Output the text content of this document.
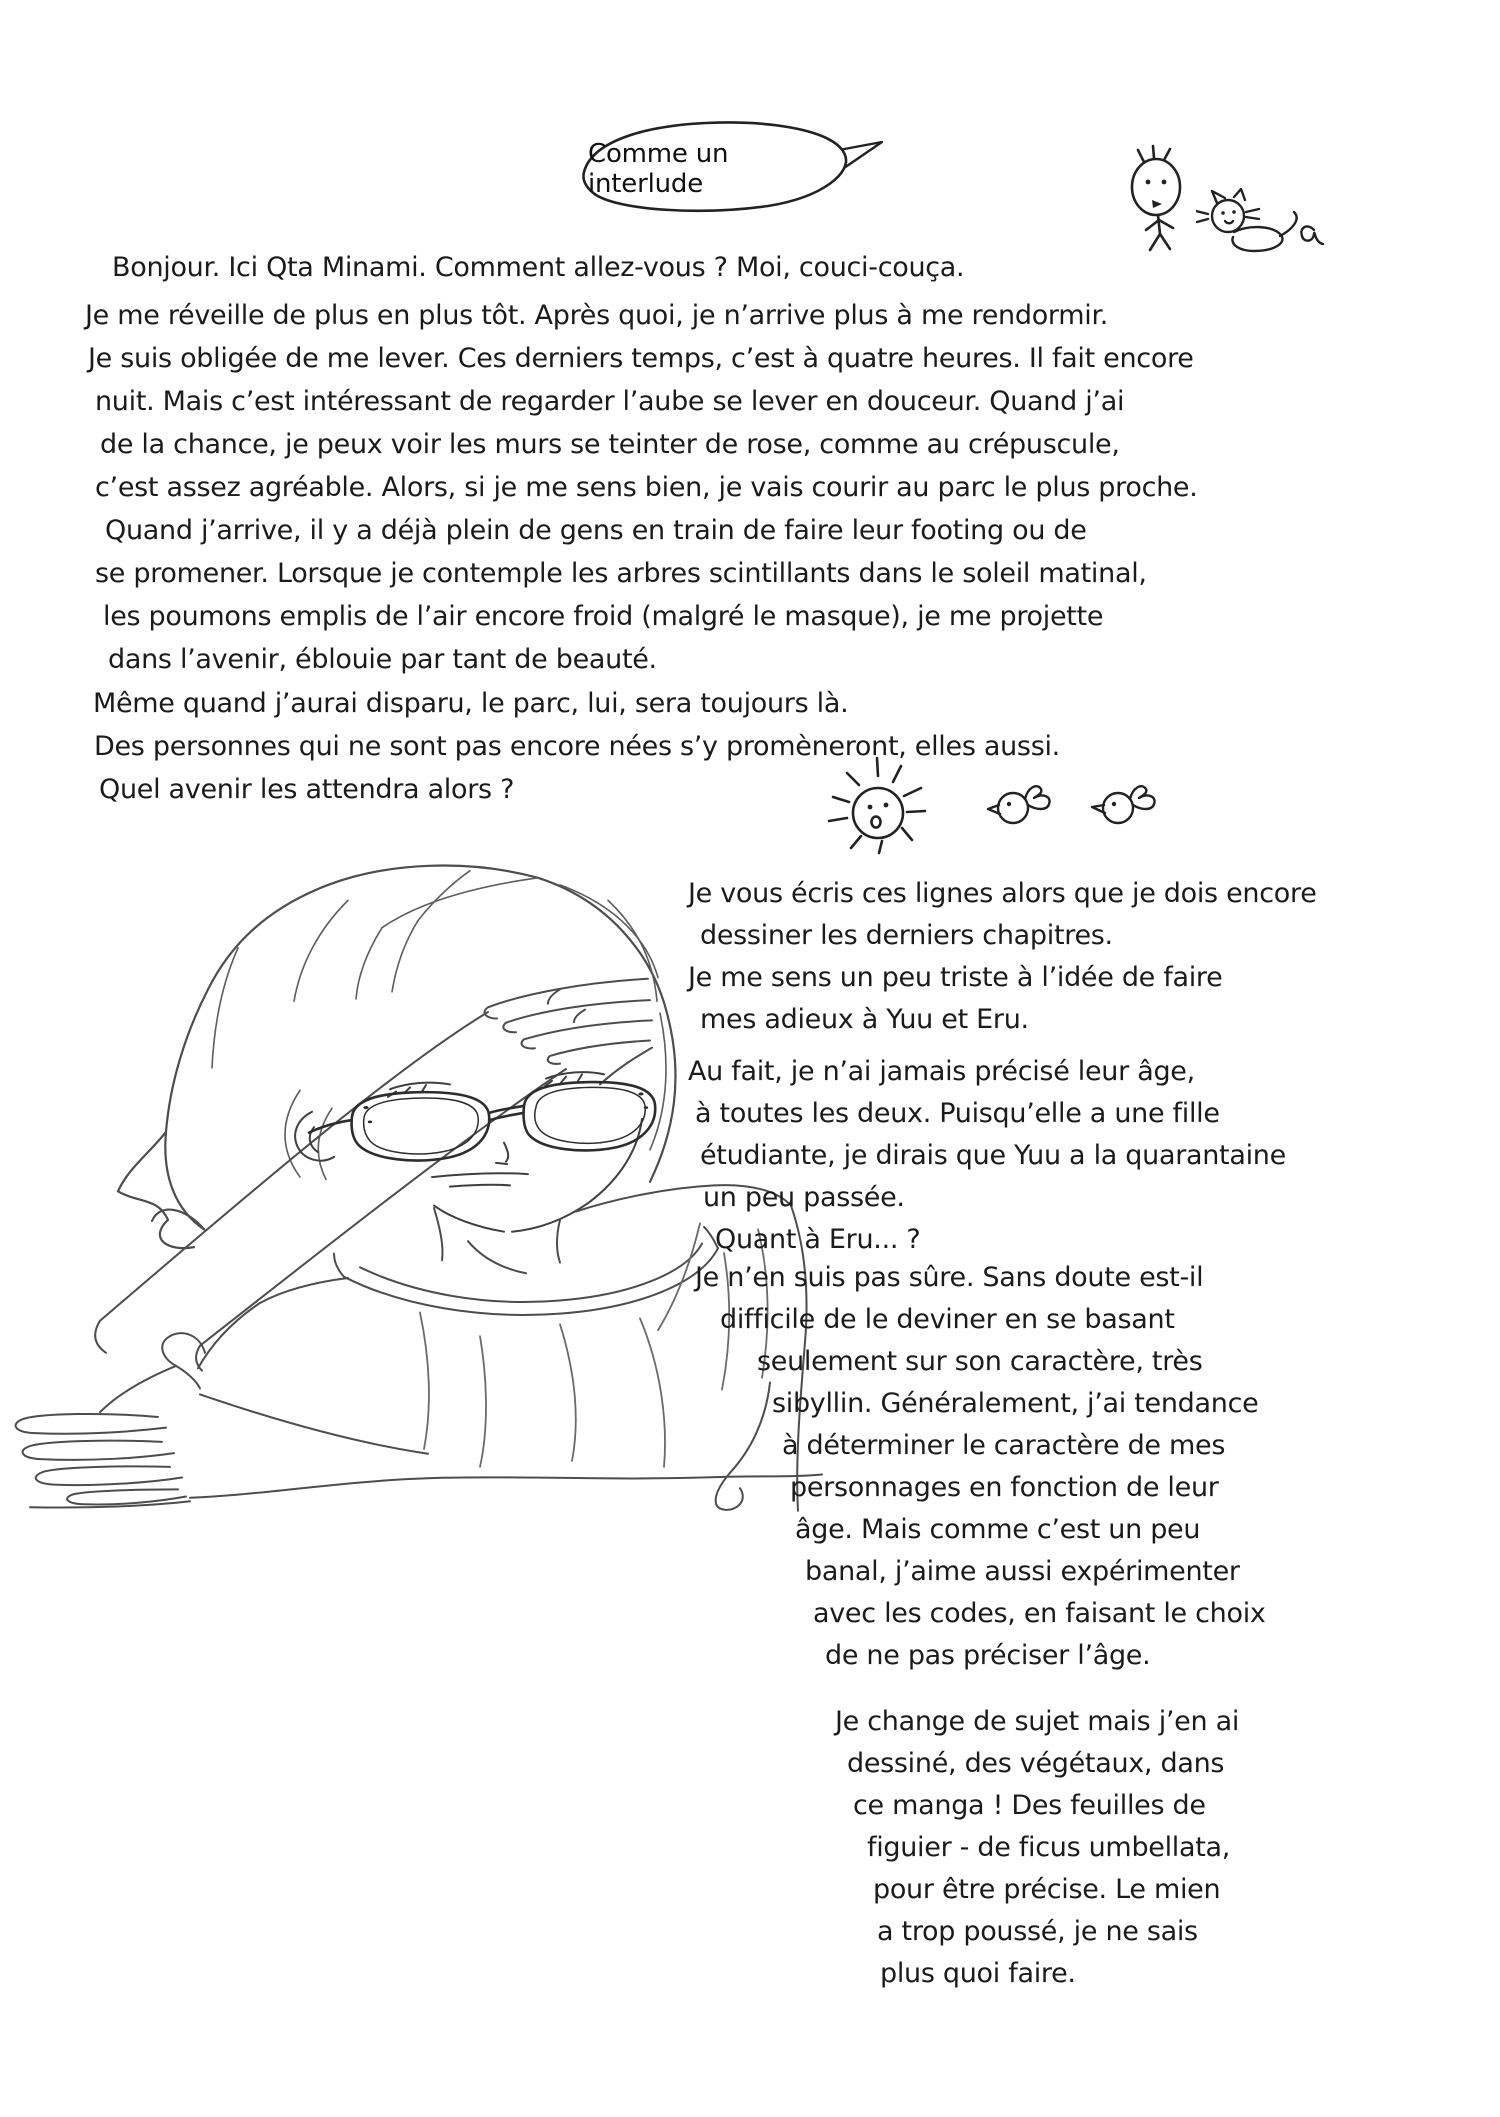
Comme un interlude
Bonjour. Ici Qta Minami. Comment allez-vous ? Moi, couci-couça.
Je me réveille de plus en plus tôt. Après quoi, je n’arrive plus à me rendormir.
Je suis obligée de me lever. Ces derniers temps, c’est à quatre heures. Il fait encore
nuit. Mais c’est intéressant de regarder l’aube se lever en douceur. Quand j’ai
de la chance, je peux voir les murs se teinter de rose, comme au crépuscule,
c’est assez agréable. Alors, si je me sens bien, je vais courir au parc le plus proche.
Quand j’arrive, il y a déjà plein de gens en train de faire leur footing ou de
se promener. Lorsque je contemple les arbres scintillants dans le soleil matinal,
les poumons emplis de l’air encore froid (malgré le masque), je me projette
dans l’avenir, éblouie par tant de beauté.
Même quand j’aurai disparu, le parc, lui, sera toujours là.
Des personnes qui ne sont pas encore nées s’y promèneront, elles aussi.
Quel avenir les attendra alors ?
Je vous écris ces lignes alors que je dois encore
dessiner les derniers chapitres.
Je me sens un peu triste à l’idée de faire
mes adieux à Yuu et Eru.
Au fait, je n’ai jamais précisé leur âge,
à toutes les deux. Puisqu’elle a une fille
étudiante, je dirais que Yuu a la quarantaine
un peu passée.
Quant à Eru... ?
Je n’en suis pas sûre. Sans doute est-il
difficile de le deviner en se basant
seulement sur son caractère, très
sibyllin. Généralement, j’ai tendance
à déterminer le caractère de mes
personnages en fonction de leur
âge. Mais comme c’est un peu
banal, j’aime aussi expérimenter
avec les codes, en faisant le choix
de ne pas préciser l’âge.
Je change de sujet mais j’en ai
dessiné, des végétaux, dans
ce manga ! Des feuilles de
figuier - de ficus umbellata,
pour être précise. Le mien
a trop poussé, je ne sais
plus quoi faire.
